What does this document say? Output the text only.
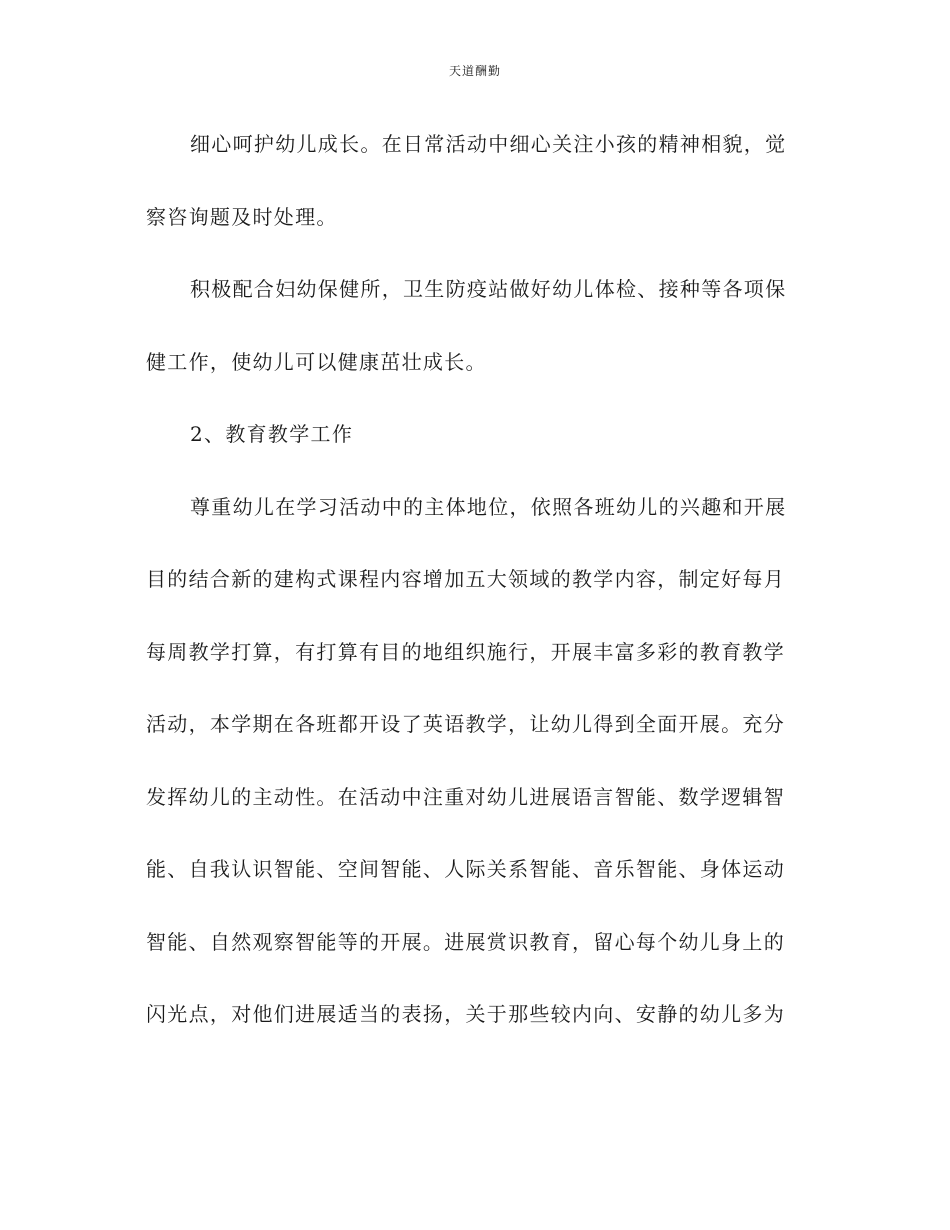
天道酬勤
细心呵护幼儿成长。在日常活动中细心关注小孩的精神相貌，觉
察咨询题及时处理。
积极配合妇幼保健所，卫生防疫站做好幼儿体检、接种等各项保
健工作，使幼儿可以健康茁壮成长。
2、教育教学工作
尊重幼儿在学习活动中的主体地位，依照各班幼儿的兴趣和开展
目的结合新的建构式课程内容增加五大领域的教学内容，制定好每月
每周教学打算，有打算有目的地组织施行，开展丰富多彩的教育教学
活动，本学期在各班都开设了英语教学，让幼儿得到全面开展。充分
发挥幼儿的主动性。在活动中注重对幼儿进展语言智能、数学逻辑智
能、自我认识智能、空间智能、人际关系智能、音乐智能、身体运动
智能、自然观察智能等的开展。进展赏识教育，留心每个幼儿身上的
闪光点，对他们进展适当的表扬，关于那些较内向、安静的幼儿多为
